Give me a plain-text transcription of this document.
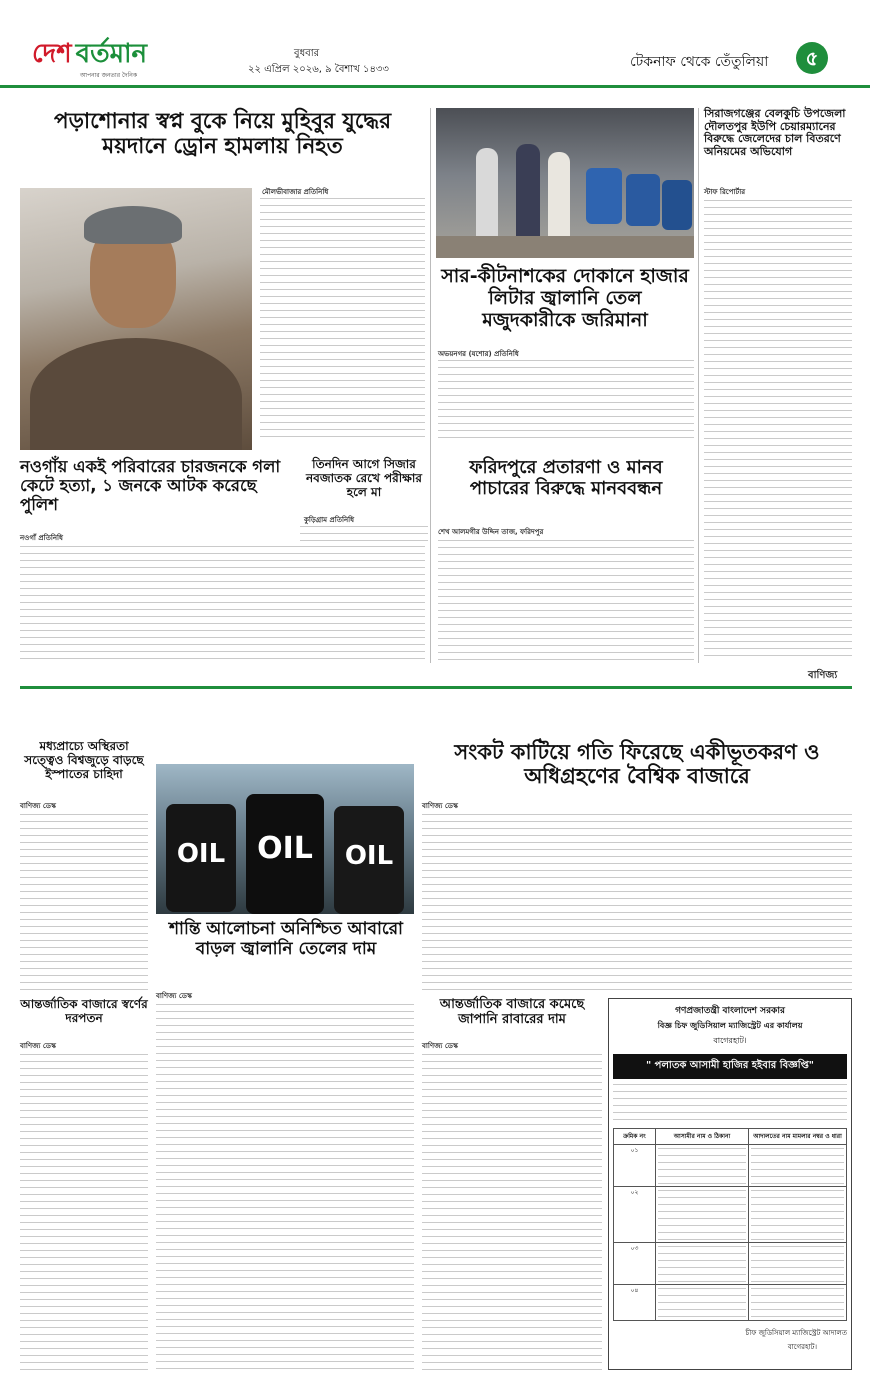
দেশ বর্তমান
আপনার জনতার দৈনিক
বুধবার
২২ এপ্রিল ২০২৬, ৯ বৈশাখ ১৪৩৩	টেকনাফ থেকে তেঁতুলিয়া	৫
পড়াশোনার স্বপ্ন বুকে নিয়ে মুহিবুর যুদ্ধের ময়দানে ড্রোন হামলায় নিহত
মৌলভীবাজার প্রতিনিধি
সার-কীটনাশকের দোকানে হাজার লিটার জ্বালানি তেল মজুদকারীকে জরিমানা
অভয়নগর (যশোর) প্রতিনিধি
সিরাজগঞ্জের বেলকুচি উপজেলা দৌলতপুর ইউপি চেয়ারম্যানের বিরুদ্ধে জেলেদের চাল বিতরণে অনিয়মের অভিযোগ
স্টাফ রিপোর্টার
নওগাঁয় একই পরিবারের চারজনকে গলা কেটে হত্যা, ১ জনকে আটক করেছে পুলিশ
নওগাঁ প্রতিনিধি
তিনদিন আগে সিজার নবজাতক রেখে পরীক্ষার হলে মা
কুড়িগ্রাম প্রতিনিধি
ফরিদপুরে প্রতারণা ও মানব পাচারের বিরুদ্ধে মানববন্ধন
শেখ আলমগীর উদ্দিন তাজ, ফরিদপুর
বাণিজ্য
মধ্যপ্রাচ্যে অস্থিরতা সত্ত্বেও বিশ্বজুড়ে বাড়ছে ইস্পাতের চাহিদা
বাণিজ্য ডেস্ক
OIL	OIL	OIL
শান্তি আলোচনা অনিশ্চিত আবারো বাড়ল জ্বালানি তেলের দাম
বাণিজ্য ডেস্ক
সংকট কাটিয়ে গতি ফিরেছে একীভূতকরণ ও অধিগ্রহণের বৈশ্বিক বাজারে
বাণিজ্য ডেস্ক
আন্তর্জাতিক বাজারে স্বর্ণের দরপতন
বাণিজ্য ডেস্ক
আন্তর্জাতিক বাজারে কমেছে জাপানি রাবারের দাম
বাণিজ্য ডেস্ক
গণপ্রজাতন্ত্রী বাংলাদেশ সরকার
বিজ্ঞ চিফ জুডিসিয়াল ম্যাজিস্ট্রেট এর কার্যালয়
বাগেরহাট।
" পলাতক আসামী হাজির হইবার বিজ্ঞপ্তি"
ক্রমিক নং	আসামীর নাম ও ঠিকানা	আদালতের নাম মামলার নম্বর ও ধারা
০১	

০২	

০৩	

০৪	

চীফ জুডিসিয়াল ম্যাজিস্ট্রেট আদালত
বাগেরহাট।
